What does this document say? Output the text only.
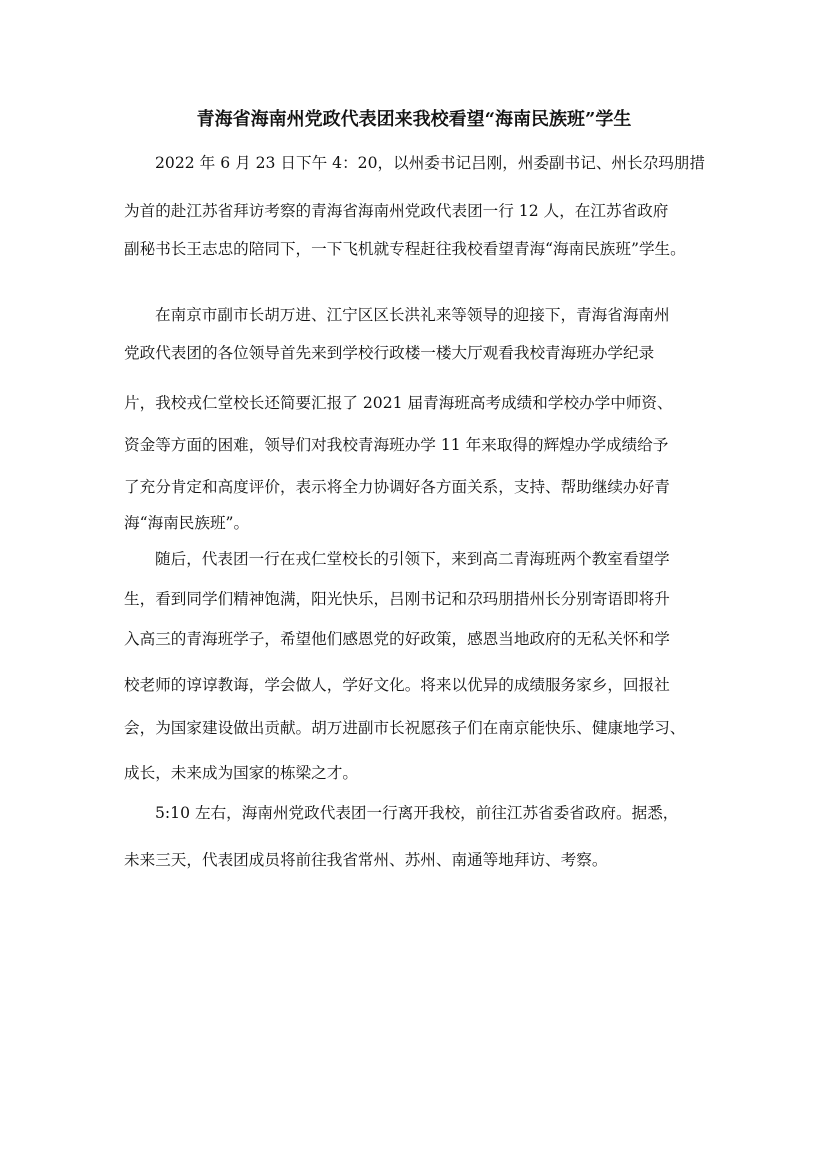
青海省海南州党政代表团来我校看望“海南民族班”学生
2022 年 6 月 23 日下午 4：20，以州委书记吕刚，州委副书记、州长尕玛朋措
为首的赴江苏省拜访考察的青海省海南州党政代表团一行 12 人，在江苏省政府
副秘书长王志忠的陪同下，一下飞机就专程赶往我校看望青海“海南民族班”学生。
在南京市副市长胡万进、江宁区区长洪礼来等领导的迎接下，青海省海南州
党政代表团的各位领导首先来到学校行政楼一楼大厅观看我校青海班办学纪录
片，我校戎仁堂校长还简要汇报了 2021 届青海班高考成绩和学校办学中师资、
资金等方面的困难，领导们对我校青海班办学 11 年来取得的辉煌办学成绩给予
了充分肯定和高度评价，表示将全力协调好各方面关系，支持、帮助继续办好青
海“海南民族班”。
随后，代表团一行在戎仁堂校长的引领下，来到高二青海班两个教室看望学
生，看到同学们精神饱满，阳光快乐，吕刚书记和尕玛朋措州长分别寄语即将升
入高三的青海班学子，希望他们感恩党的好政策，感恩当地政府的无私关怀和学
校老师的谆谆教诲，学会做人，学好文化。将来以优异的成绩服务家乡，回报社
会，为国家建设做出贡献。胡万进副市长祝愿孩子们在南京能快乐、健康地学习、
成长，未来成为国家的栋梁之才。
5:10 左右，海南州党政代表团一行离开我校，前往江苏省委省政府。据悉，
未来三天，代表团成员将前往我省常州、苏州、南通等地拜访、考察。
